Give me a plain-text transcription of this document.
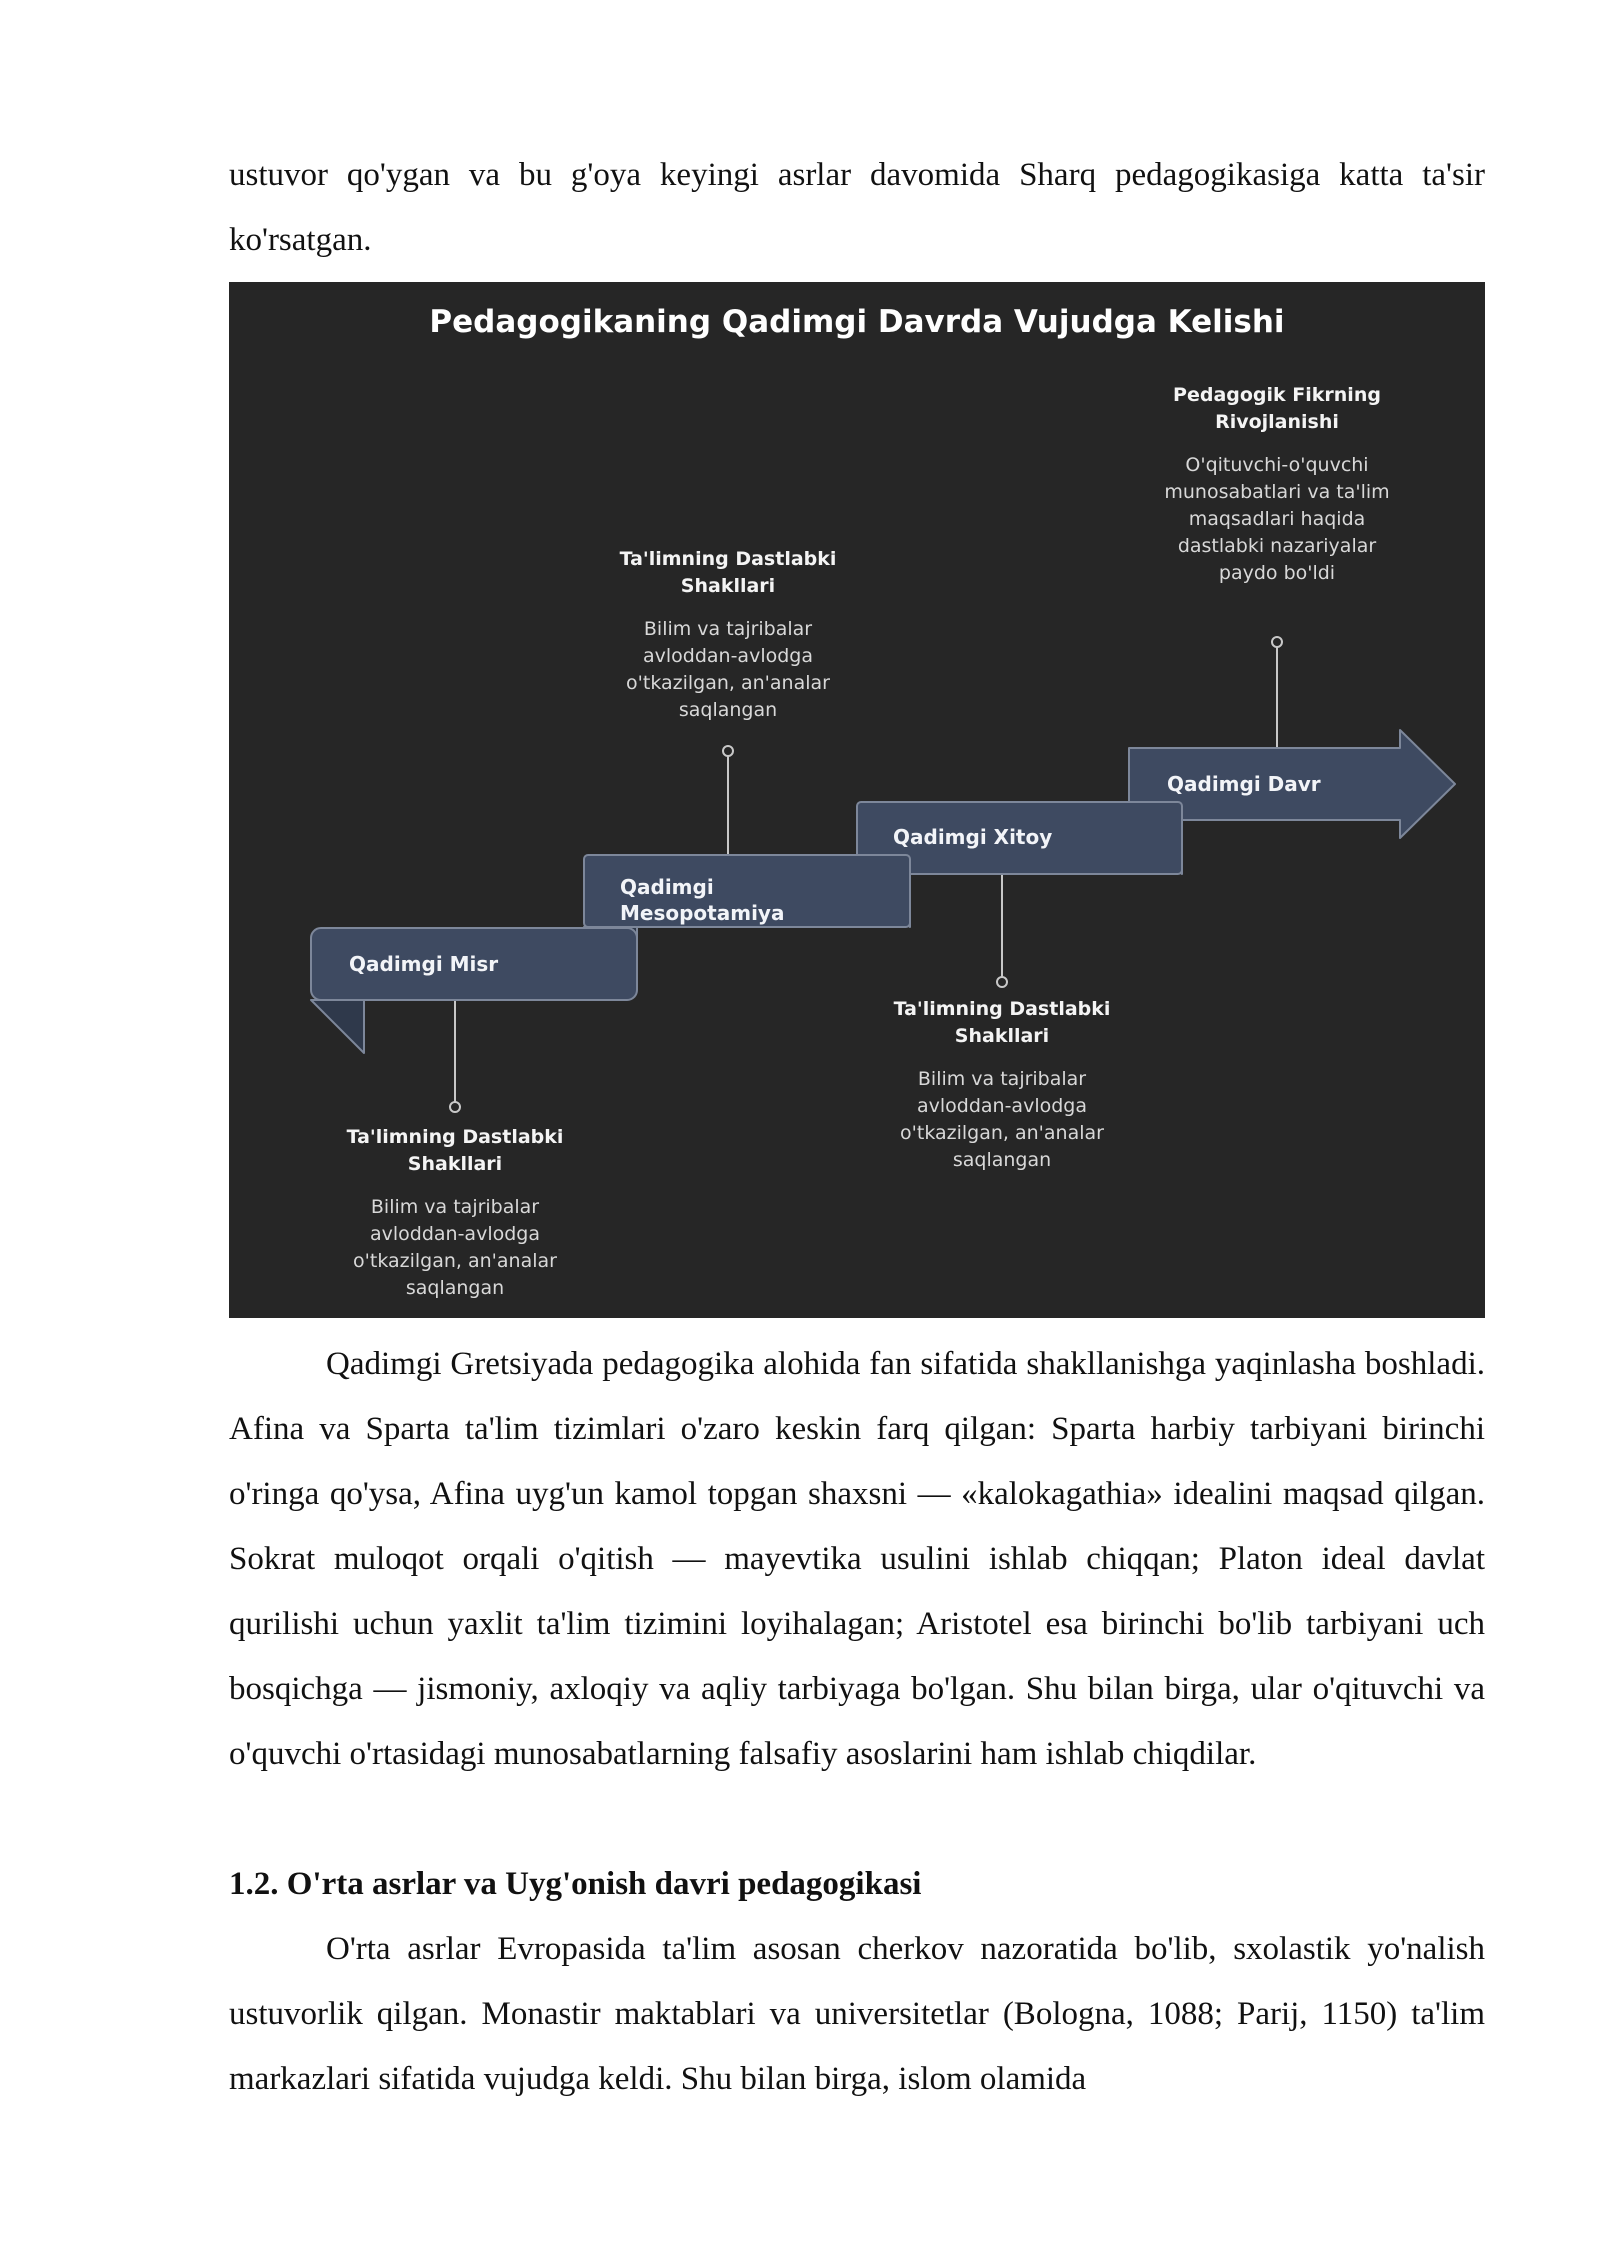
ustuvor qo'ygan va bu g'oya keyingi asrlar davomida Sharq pedagogikasiga katta ta'sir ko'rsatgan.

Pedagogikaning Qadimgi Davrda Vujudga Kelishi
Qadimgi Misr
Qadimgi Mesopotamiya
Qadimgi Xitoy
Qadimgi Davr
Ta'limning Dastlabki Shakllari
Bilim va tajribalar avloddan-avlodga o'tkazilgan, an'analar saqlangan
Ta'limning Dastlabki Shakllari
Bilim va tajribalar avloddan-avlodga o'tkazilgan, an'analar saqlangan
Ta'limning Dastlabki Shakllari
Bilim va tajribalar avloddan-avlodga o'tkazilgan, an'analar saqlangan
Pedagogik Fikrning Rivojlanishi
O'qituvchi-o'quvchi munosabatlari va ta'lim maqsadlari haqida dastlabki nazariyalar paydo bo'ldi

Qadimgi Gretsiyada pedagogika alohida fan sifatida shakllanishga yaqinlasha boshladi. Afina va Sparta ta'lim tizimlari o'zaro keskin farq qilgan: Sparta harbiy tarbiyani birinchi o'ringa qo'ysa, Afina uyg'un kamol topgan shaxsni — «kalokagathia» idealini maqsad qilgan. Sokrat muloqot orqali o'qitish — mayevtika usulini ishlab chiqqan; Platon ideal davlat qurilishi uchun yaxlit ta'lim tizimini loyihalagan; Aristotel esa birinchi bo'lib tarbiyani uch bosqichga — jismoniy, axloqiy va aqliy tarbiyaga bo'lgan. Shu bilan birga, ular o'qituvchi va o'quvchi o'rtasidagi munosabatlarning falsafiy asoslarini ham ishlab chiqdilar.

1.2. O'rta asrlar va Uyg'onish davri pedagogikasi

O'rta asrlar Evropasida ta'lim asosan cherkov nazoratida bo'lib, sxolastik yo'nalish ustuvorlik qilgan. Monastir maktablari va universitetlar (Bologna, 1088; Parij, 1150) ta'lim markazlari sifatida vujudga keldi. Shu bilan birga, islom olamida
